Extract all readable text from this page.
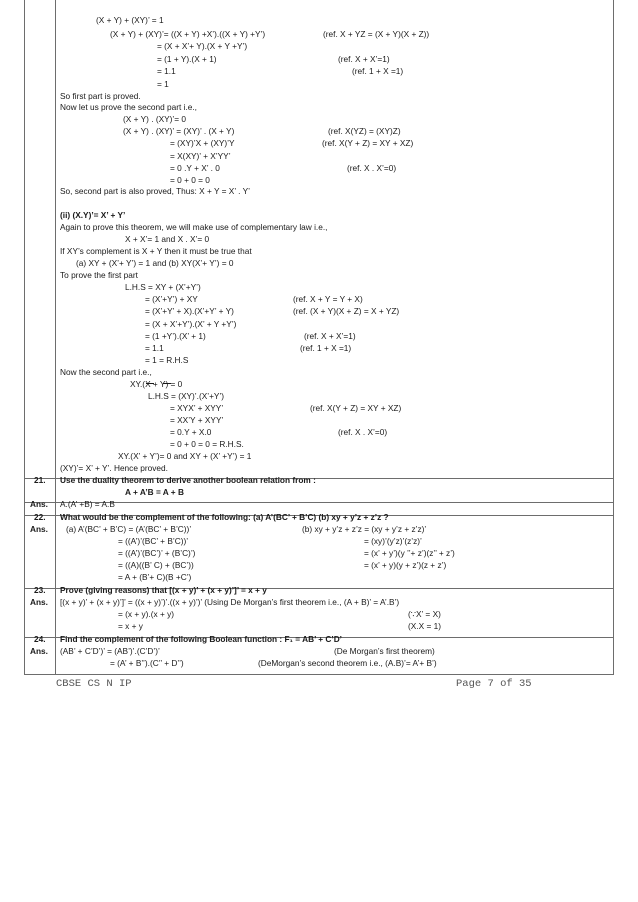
(X + Y) + (XY)’ = 1
(X + Y) + (XY)’= ((X + Y) +X’).((X + Y) +Y’)	(ref. X + YZ = (X + Y)(X + Z))
= (X + X’+ Y).(X + Y +Y’)
= (1 + Y).(X + 1)	(ref. X + X’=1)
= 1.1	(ref. 1 + X =1)
= 1
So first part is proved.
Now let us prove the second part i.e.,
(X + Y) . (XY)’= 0
(X + Y) . (XY)’ = (XY)’ . (X + Y)	(ref. X(YZ) = (XY)Z)
= (XY)’X + (XY)’Y	(ref. X(Y + Z) = XY + XZ)
= X(XY)’ + X’YY’
= 0 .Y + X’ . 0	(ref. X . X’=0)
= 0 + 0 = 0
So, second part is also proved, Thus: X + Y = X’ . Y’
(ii) (X.Y)’= X’ + Y’
Again to prove this theorem, we will make use of complementary law i.e.,
X + X’= 1 and X . X’= 0
If XY’s complement is X + Y then it must be true that
(a) XY + (X’+ Y’) = 1 and (b) XY(X’+ Y’) = 0
To prove the first part
L.H.S = XY + (X’+Y’)
= (X’+Y’) + XY	(ref. X + Y = Y + X)
= (X’+Y’ + X).(X’+Y’ + Y)	(ref. (X + Y)(X + Z) = X + YZ)
= (X + X’+Y’).(X’ + Y +Y’)
= (1 +Y’).(X’ + 1)	(ref. X + X’=1)
= 1.1	(ref. 1 + X =1)
= 1 = R.H.S
Now the second part i.e.,
XY.(X + Y) = 0
L.H.S = (XY)’.(X’+Y’)
= XYX’ + XYY’	(ref. X(Y + Z) = XY + XZ)
= XX’Y + XYY’
= 0.Y + X.0	(ref. X . X’=0)
= 0 + 0 = 0 = R.H.S.
XY.(X’ + Y’)= 0 and XY + (X’ +Y’) = 1
(XY)’= X’ + Y’. Hence proved.
21. Use the duality theorem to derive another boolean relation from :
A + A’B = A + B
Ans. A.(A’ +B) = A.B
22. What would be the complement of the following: (a) A’(BC’ + B’C) (b) xy + y’z + z’z ?
Ans. (a) A’(BC’ + B’C) = (A’(BC’ + B’C))’	(b) xy + y’z + z’z = (xy + y’z + z’z)’
= ((A’)’(BC’ + B’C))’	= (xy)’(y’z)’(z’z)’
= ((A’)’(BC’)’ + (B’C)’)	= (x’ + y’)(y ’’+ z’)(z’’ + z’)
= ((A)((B’ C) + (BC’))	= (x’ + y)(y + z’)(z + z’)
= A + (B’+ C)(B +C’)
23. Prove (giving reasons) that [(x + y)’ + (x + y)’]’ = x + y
Ans. [(x + y)’ + (x + y)’]’ = ((x + y)’)’.((x + y)’)’ (Using De Morgan’s first theorem i.e., (A + B)’ = A’.B’)
= (x + y).(x + y)	(∵X’ = X)
= x + y	(X.X = 1)
24. Find the complement of the following Boolean function : F₁ = AB’ + C’D’
Ans. (AB’ + C’D’)’ = (AB’)’.(C’D’)’	(De Morgan’s first theorem)
= (A’ + B’’).(C’’ + D’’)	(DeMorgan’s second theorem i.e., (A.B)’= A’+ B’)
CBSE CS N IP	Page 7 of 35
